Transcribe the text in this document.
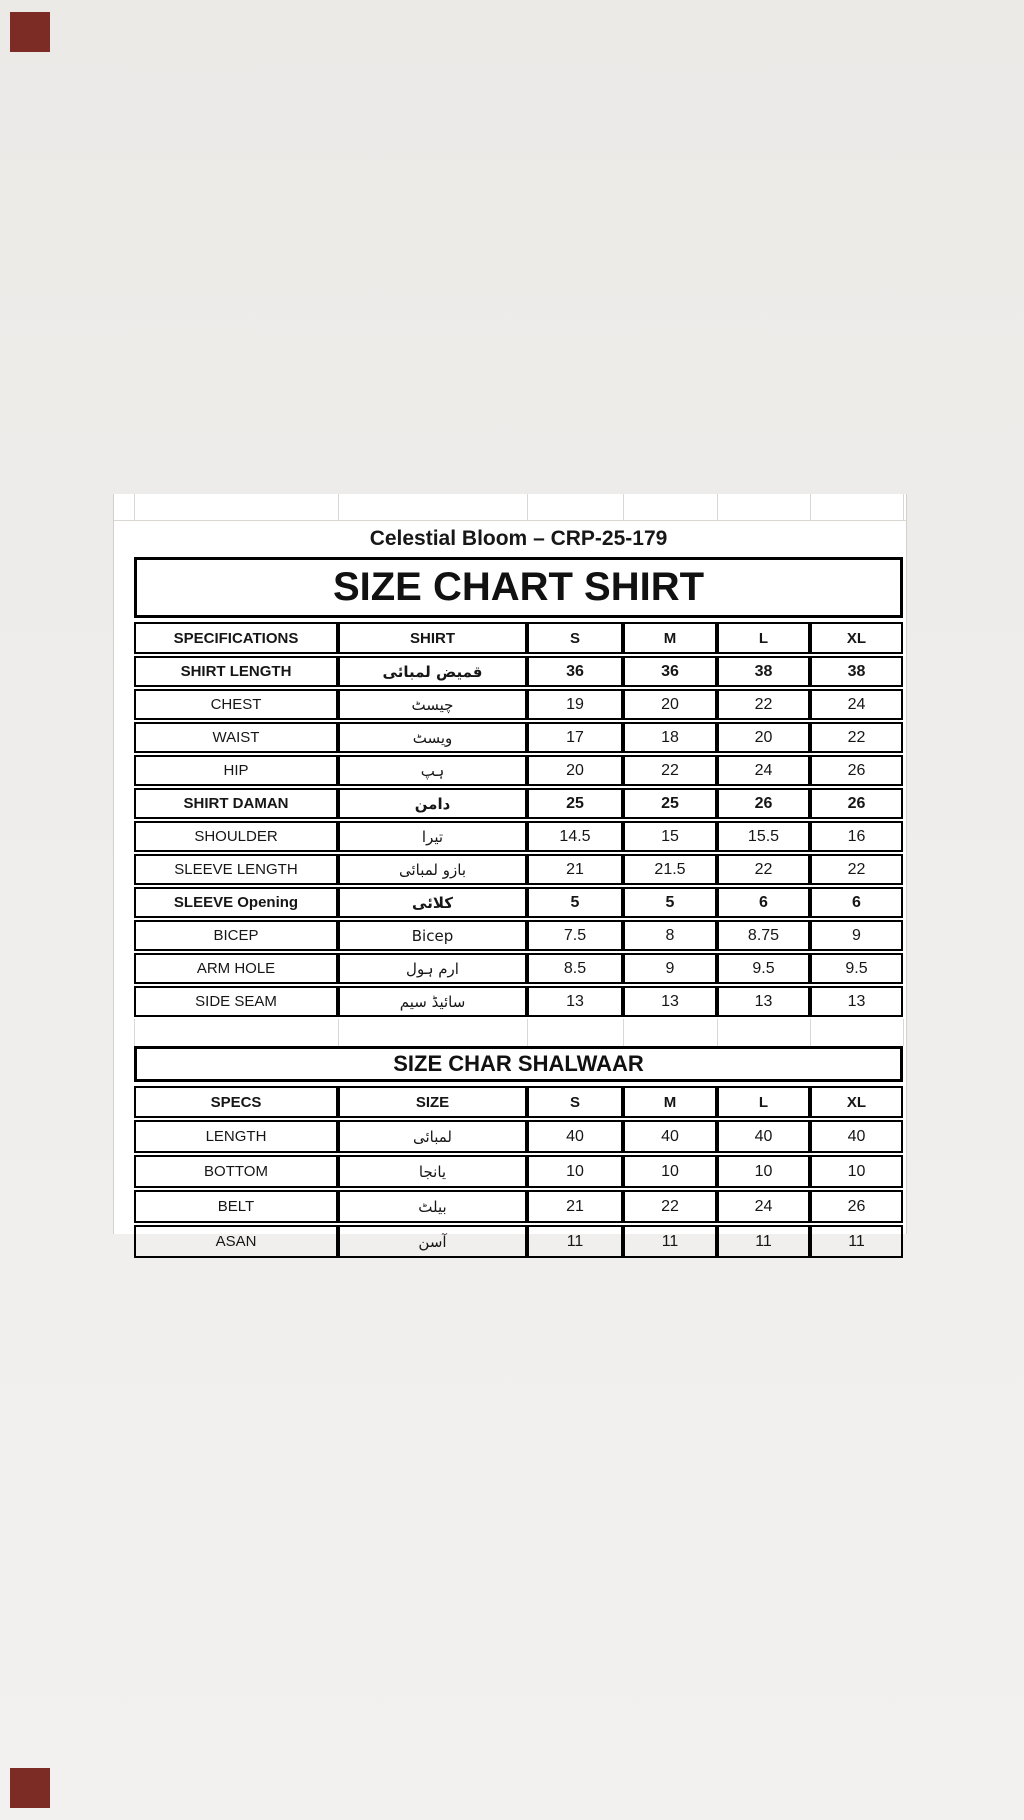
Celestial Bloom – CRP-25-179
SIZE CHART SHIRT
SPECIFICATIONS	SHIRT	S	M	L	XL
SHIRT LENGTH	قمیض لمبائی	36	36	38	38
CHEST	چیسٹ	19	20	22	24
WAIST	ویسٹ	17	18	20	22
HIP	ہپ	20	22	24	26
SHIRT DAMAN	دامن	25	25	26	26
SHOULDER	تیرا	14.5	15	15.5	16
SLEEVE LENGTH	بازو لمبائی	21	21.5	22	22
SLEEVE Opening	کلائی	5	5	6	6
BICEP	Bicep	7.5	8	8.75	9
ARM HOLE	ارم ہول	8.5	9	9.5	9.5
SIDE SEAM	سائیڈ سیم	13	13	13	13
SIZE CHAR SHALWAAR
SPECS	SIZE	S	M	L	XL
LENGTH	لمبائی	40	40	40	40
BOTTOM	یانجا	10	10	10	10
BELT	بیلٹ	21	22	24	26
ASAN	آسن	11	11	11	11
